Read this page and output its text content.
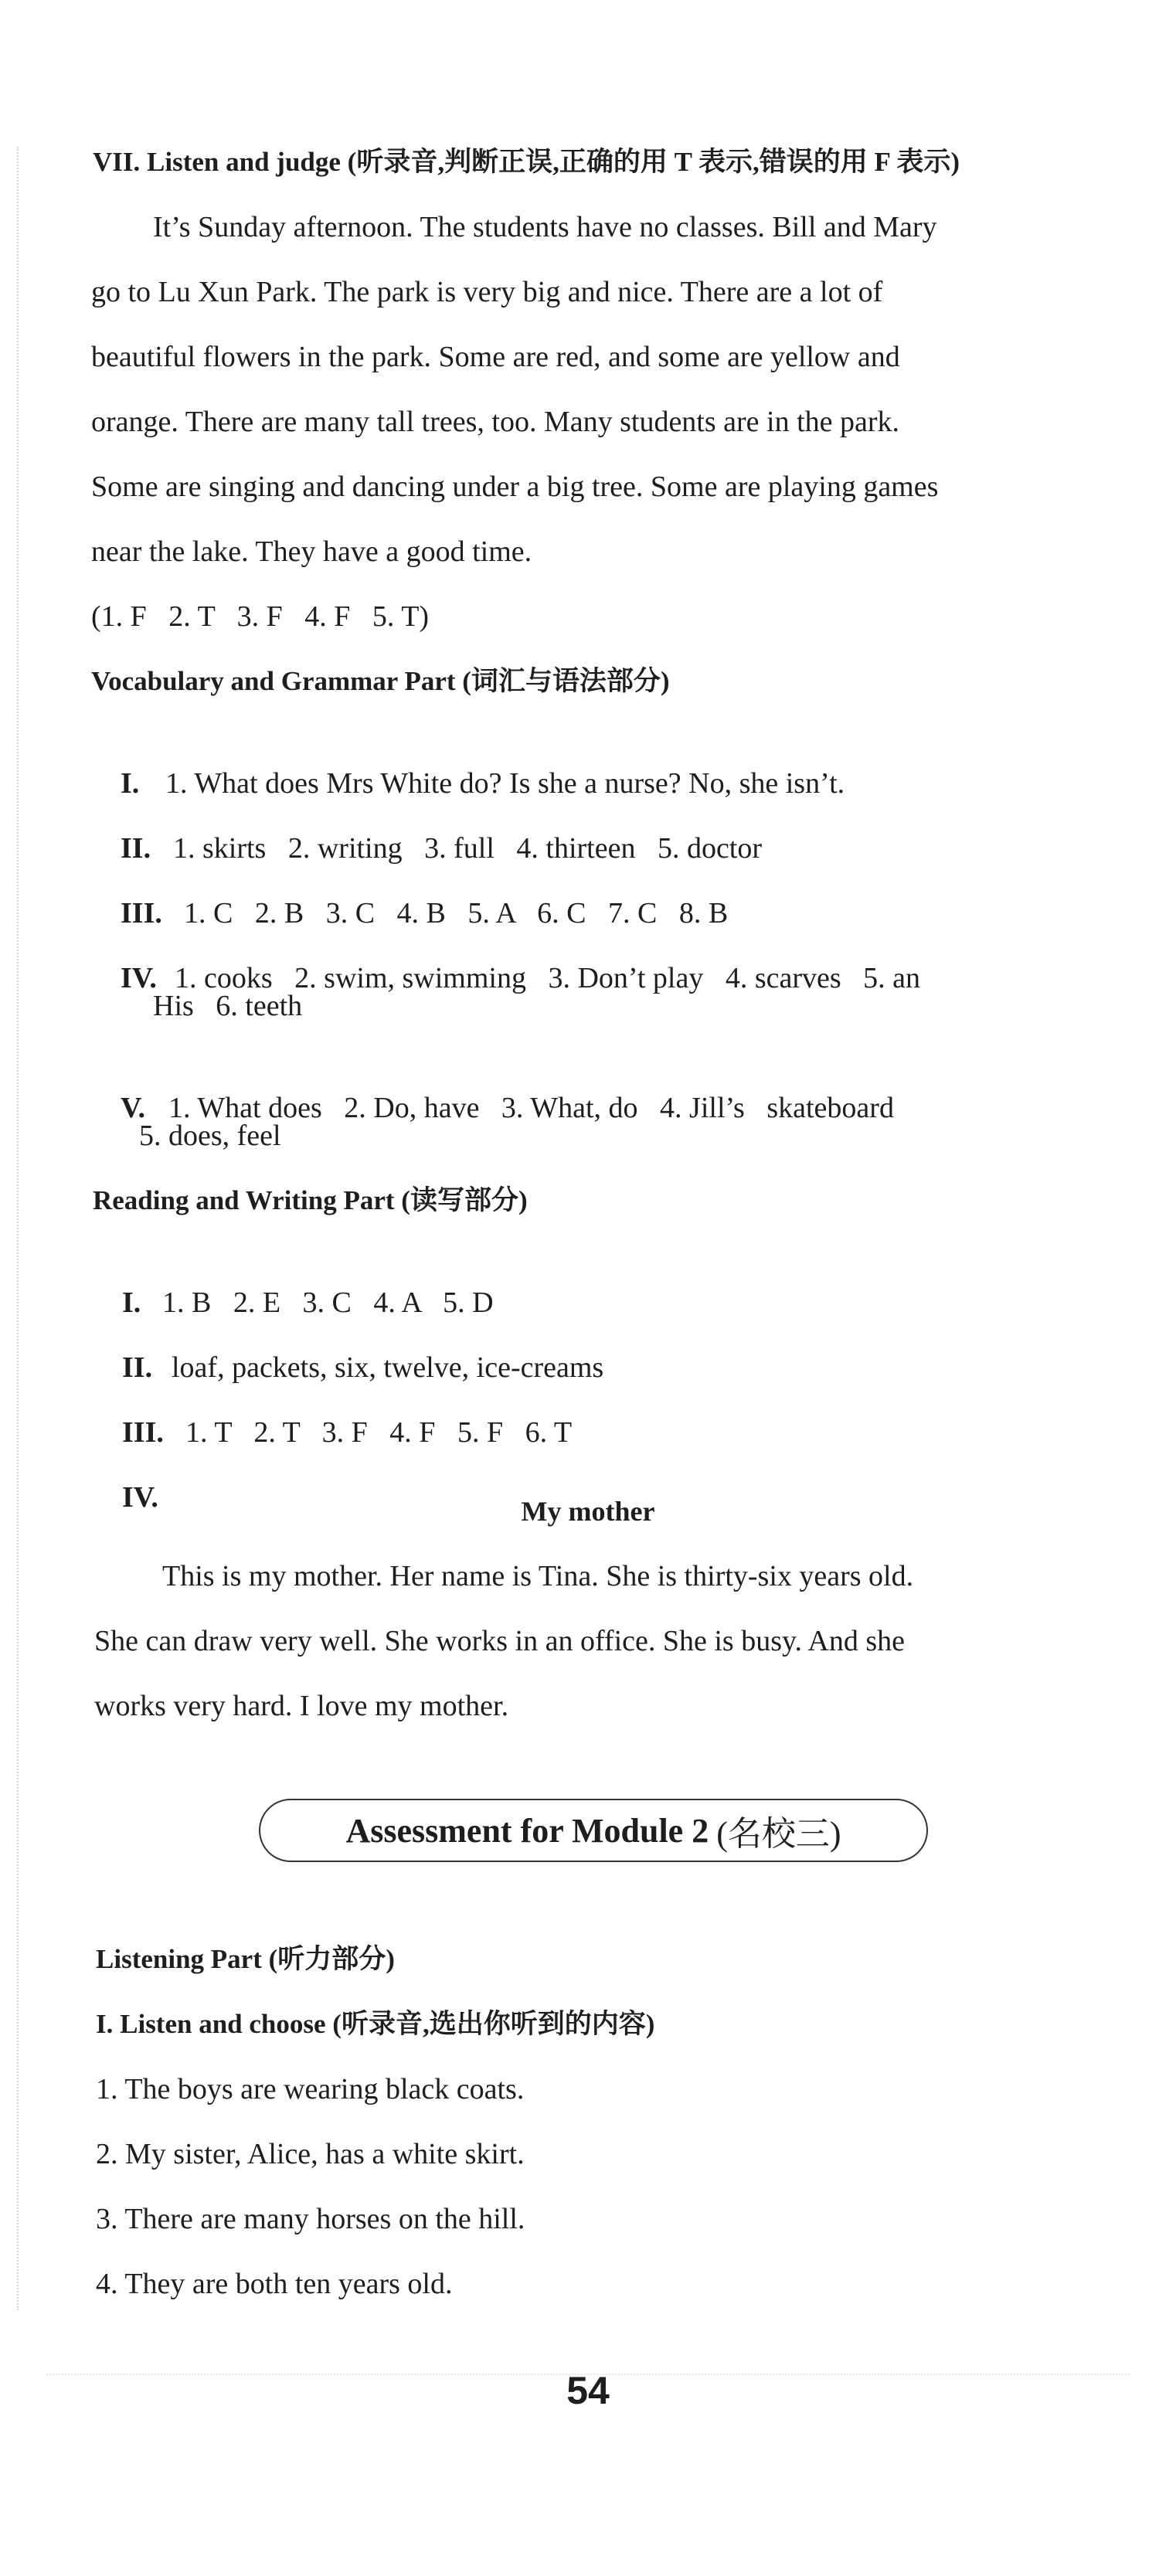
VII. Listen and judge (听录音,判断正误,正确的用 T 表示,错误的用 F 表示)
It’s Sunday afternoon. The students have no classes. Bill and Mary
go to Lu Xun Park. The park is very big and nice. There are a lot of
beautiful flowers in the park. Some are red, and some are yellow and
orange. There are many tall trees, too. Many students are in the park.
Some are singing and dancing under a big tree. Some are playing games
near the lake. They have a good time.
(1. F   2. T   3. F   4. F   5. T)
Vocabulary and Grammar Part (词汇与语法部分)

I. 1. What does Mrs White do? Is she a nurse? No, she isn’t.

II. 1. skirts   2. writing   3. full   4. thirteen   5. doctor

III. 1. C   2. B   3. C   4. B   5. A   6. C   7. C   8. B

IV. 1. cooks   2. swim, swimming   3. Don’t play   4. scarves   5. an

His   6. teeth

V. 1. What does   2. Do, have   3. What, do   4. Jill’s   skateboard

5. does, feel
Reading and Writing Part (读写部分)

I. 1. B   2. E   3. C   4. A   5. D

II. loaf, packets, six, twelve, ice-creams

III. 1. T   2. T   3. F   4. F   5. F   6. T

IV.
	My mother
This is my mother. Her name is Tina. She is thirty-six years old.
She can draw very well. She works in an office. She is busy. And she
works very hard. I love my mother.
Assessment for Module 2 (名校三)
Listening Part (听力部分)
I. Listen and choose (听录音,选出你听到的内容)
1. The boys are wearing black coats.
2. My sister, Alice, has a white skirt.
3. There are many horses on the hill.
4. They are both ten years old.
54
